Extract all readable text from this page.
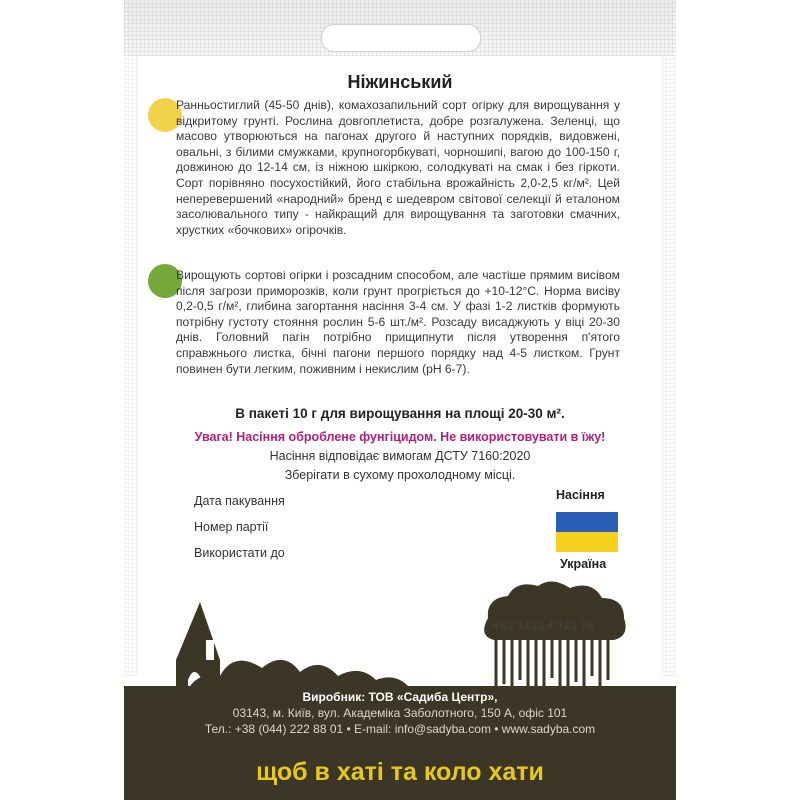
Ніжинський
Ранньостиглий (45-50 днів), комахозапильний сорт огірку для вирощування у відкритому грунті. Рослина довгоплетиста, добре розгалужена. Зеленці, що масово утворюються на пагонах другого й наступних порядків, видовжені, овальні, з білими смужками, крупногорбкуваті, чорношипі, вагою до 100-150 г, довжиною до 12-14 см, із ніжною шкіркою, солодкуваті на смак і без гіркоти. Сорт порівняно посухостійкий, його стабільна врожайність 2,0-2,5 кг/м². Цей неперевершений «народний» бренд є шедевром світової селекції й еталоном засолювального типу - найкращий для вирощування та заготовки смачних, хрустких «бочкових» огірочків.
Вирощують сортові огірки і розсадним способом, але частіше прямим висівом після загрози приморозків, коли грунт прогріється до +10-12°С. Норма висіву 0,2-0,5 г/м², глибина загортання насіння 3-4 см. У фазі 1-2 листків формують потрібну густоту стояння рослин 5-6 шт./м². Розсаду висаджують у віці 20-30 днів. Головний пагін потрібно прищипнути після утворення п'ятого справжнього листка, бічні пагони першого порядку над 4-5 листком. Грунт повинен бути легким, поживним і некислим (рН 6-7).
В пакеті 10 г для вирощування на площі 20-30 м².
Увага! Насіння оброблене фунгіцидом. Не використовувати в їжу!
Насіння відповідає вимогам ДСТУ 7160:2020
Зберігати в сухому прохолодному місці.
Дата пакування
Номер партії
Використати до
Насіння
Україна
4823111402176
Виробник: ТОВ «Садиба Центр»,
03143, м. Київ, вул. Академіка Заболотного, 150 А, офіс 101
Тел.: +38 (044) 222 88 01 • E-mail: info@sadyba.com • www.sadyba.com
щоб в хаті та коло хати
